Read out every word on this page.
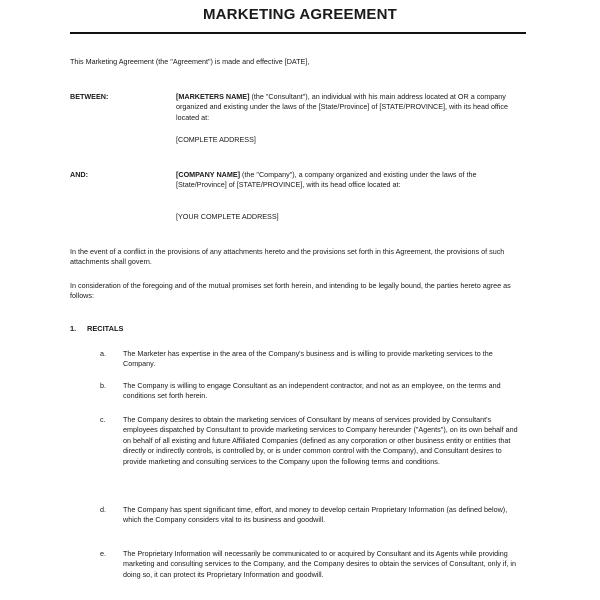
MARKETING AGREEMENT
This Marketing Agreement (the "Agreement") is made and effective [DATE],
BETWEEN:	[MARKETERS NAME] (the "Consultant"), an individual with his main address located at OR a company organized and existing under the laws of the [State/Province] of [STATE/PROVINCE], with its head office located at:
[COMPLETE ADDRESS]
AND:	[COMPANY NAME] (the "Company"), a company organized and existing under the laws of the [State/Province] of [STATE/PROVINCE], with its head office located at:
[YOUR COMPLETE ADDRESS]
In the event of a conflict in the provisions of any attachments hereto and the provisions set forth in this Agreement, the provisions of such attachments shall govern.
In consideration of the foregoing and of the mutual promises set forth herein, and intending to be legally bound, the parties hereto agree as follows:
1. RECITALS
a.	The Marketer has expertise in the area of the Company's business and is willing to provide marketing services to the Company.
b.	The Company is willing to engage Consultant as an independent contractor, and not as an employee, on the terms and conditions set forth herein.
c.	The Company desires to obtain the marketing services of Consultant by means of services provided by Consultant's employees dispatched by Consultant to provide marketing services to Company hereunder ("Agents"), on its own behalf and on behalf of all existing and future Affiliated Companies (defined as any corporation or other business entity or entities that directly or indirectly controls, is controlled by, or is under common control with the Company), and Consultant desires to provide marketing and consulting services to the Company upon the following terms and conditions.
d.	The Company has spent significant time, effort, and money to develop certain Proprietary Information (as defined below), which the Company considers vital to its business and goodwill.
e.	The Proprietary Information will necessarily be communicated to or acquired by Consultant and its Agents while providing marketing and consulting services to the Company, and the Company desires to obtain the services of Consultant, only if, in doing so, it can protect its Proprietary Information and goodwill.
